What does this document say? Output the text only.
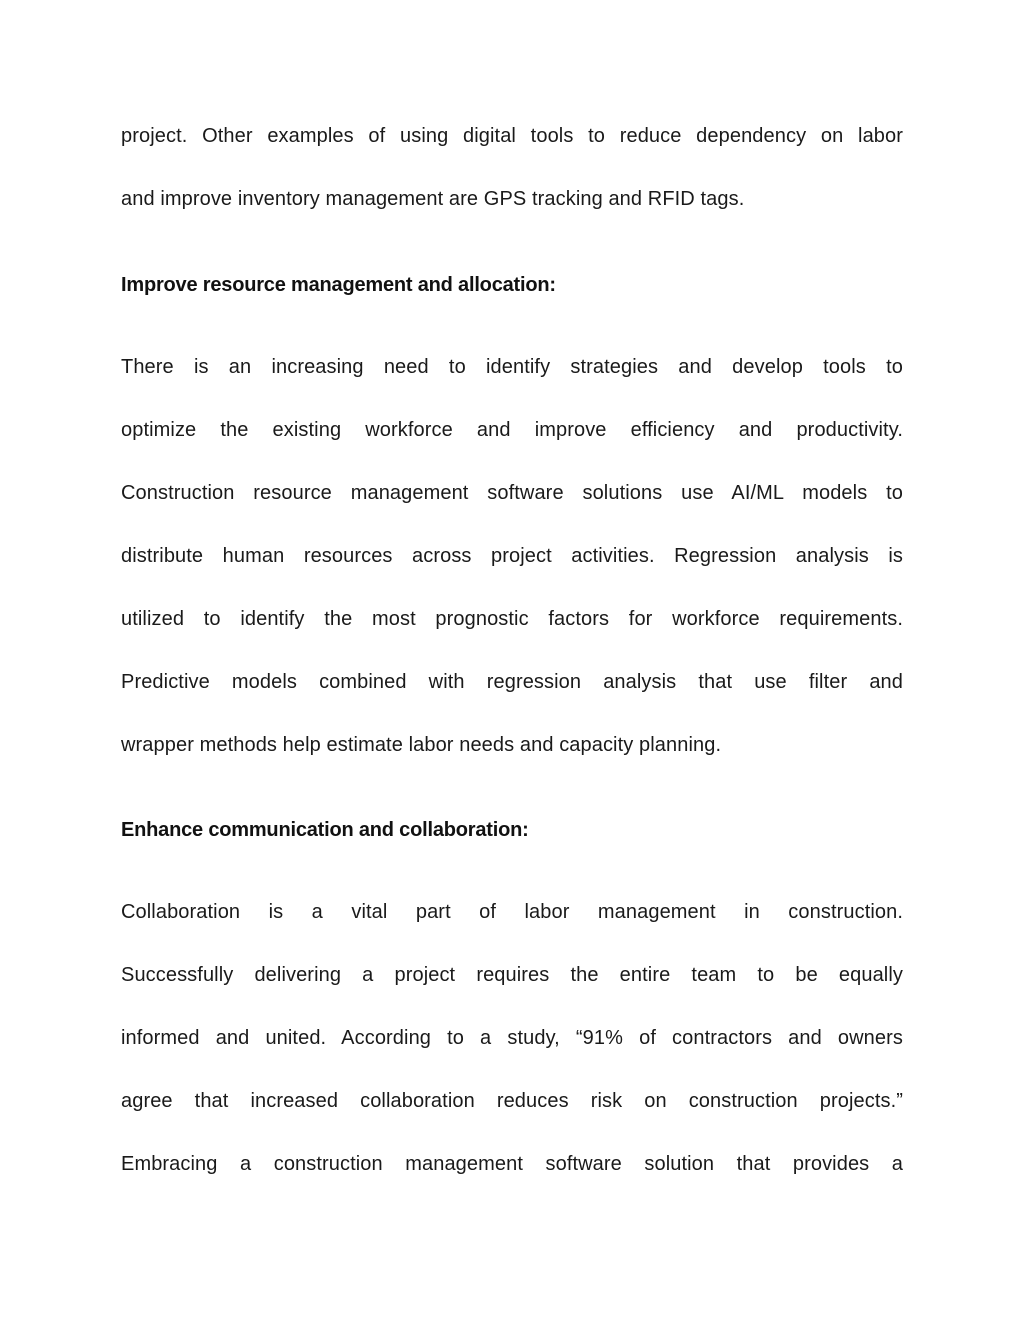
project. Other examples of using digital tools to reduce dependency on labor
and improve inventory management are GPS tracking and RFID tags.
Improve resource management and allocation:
There is an increasing need to identify strategies and develop tools to
optimize the existing workforce and improve efficiency and productivity.
Construction resource management software solutions use AI/ML models to
distribute human resources across project activities. Regression analysis is
utilized to identify the most prognostic factors for workforce requirements.
Predictive models combined with regression analysis that use filter and
wrapper methods help estimate labor needs and capacity planning.
Enhance communication and collaboration:
Collaboration is a vital part of labor management in construction.
Successfully delivering a project requires the entire team to be equally
informed and united. According to a study, “91% of contractors and owners
agree that increased collaboration reduces risk on construction projects.”
Embracing a construction management software solution that provides a
